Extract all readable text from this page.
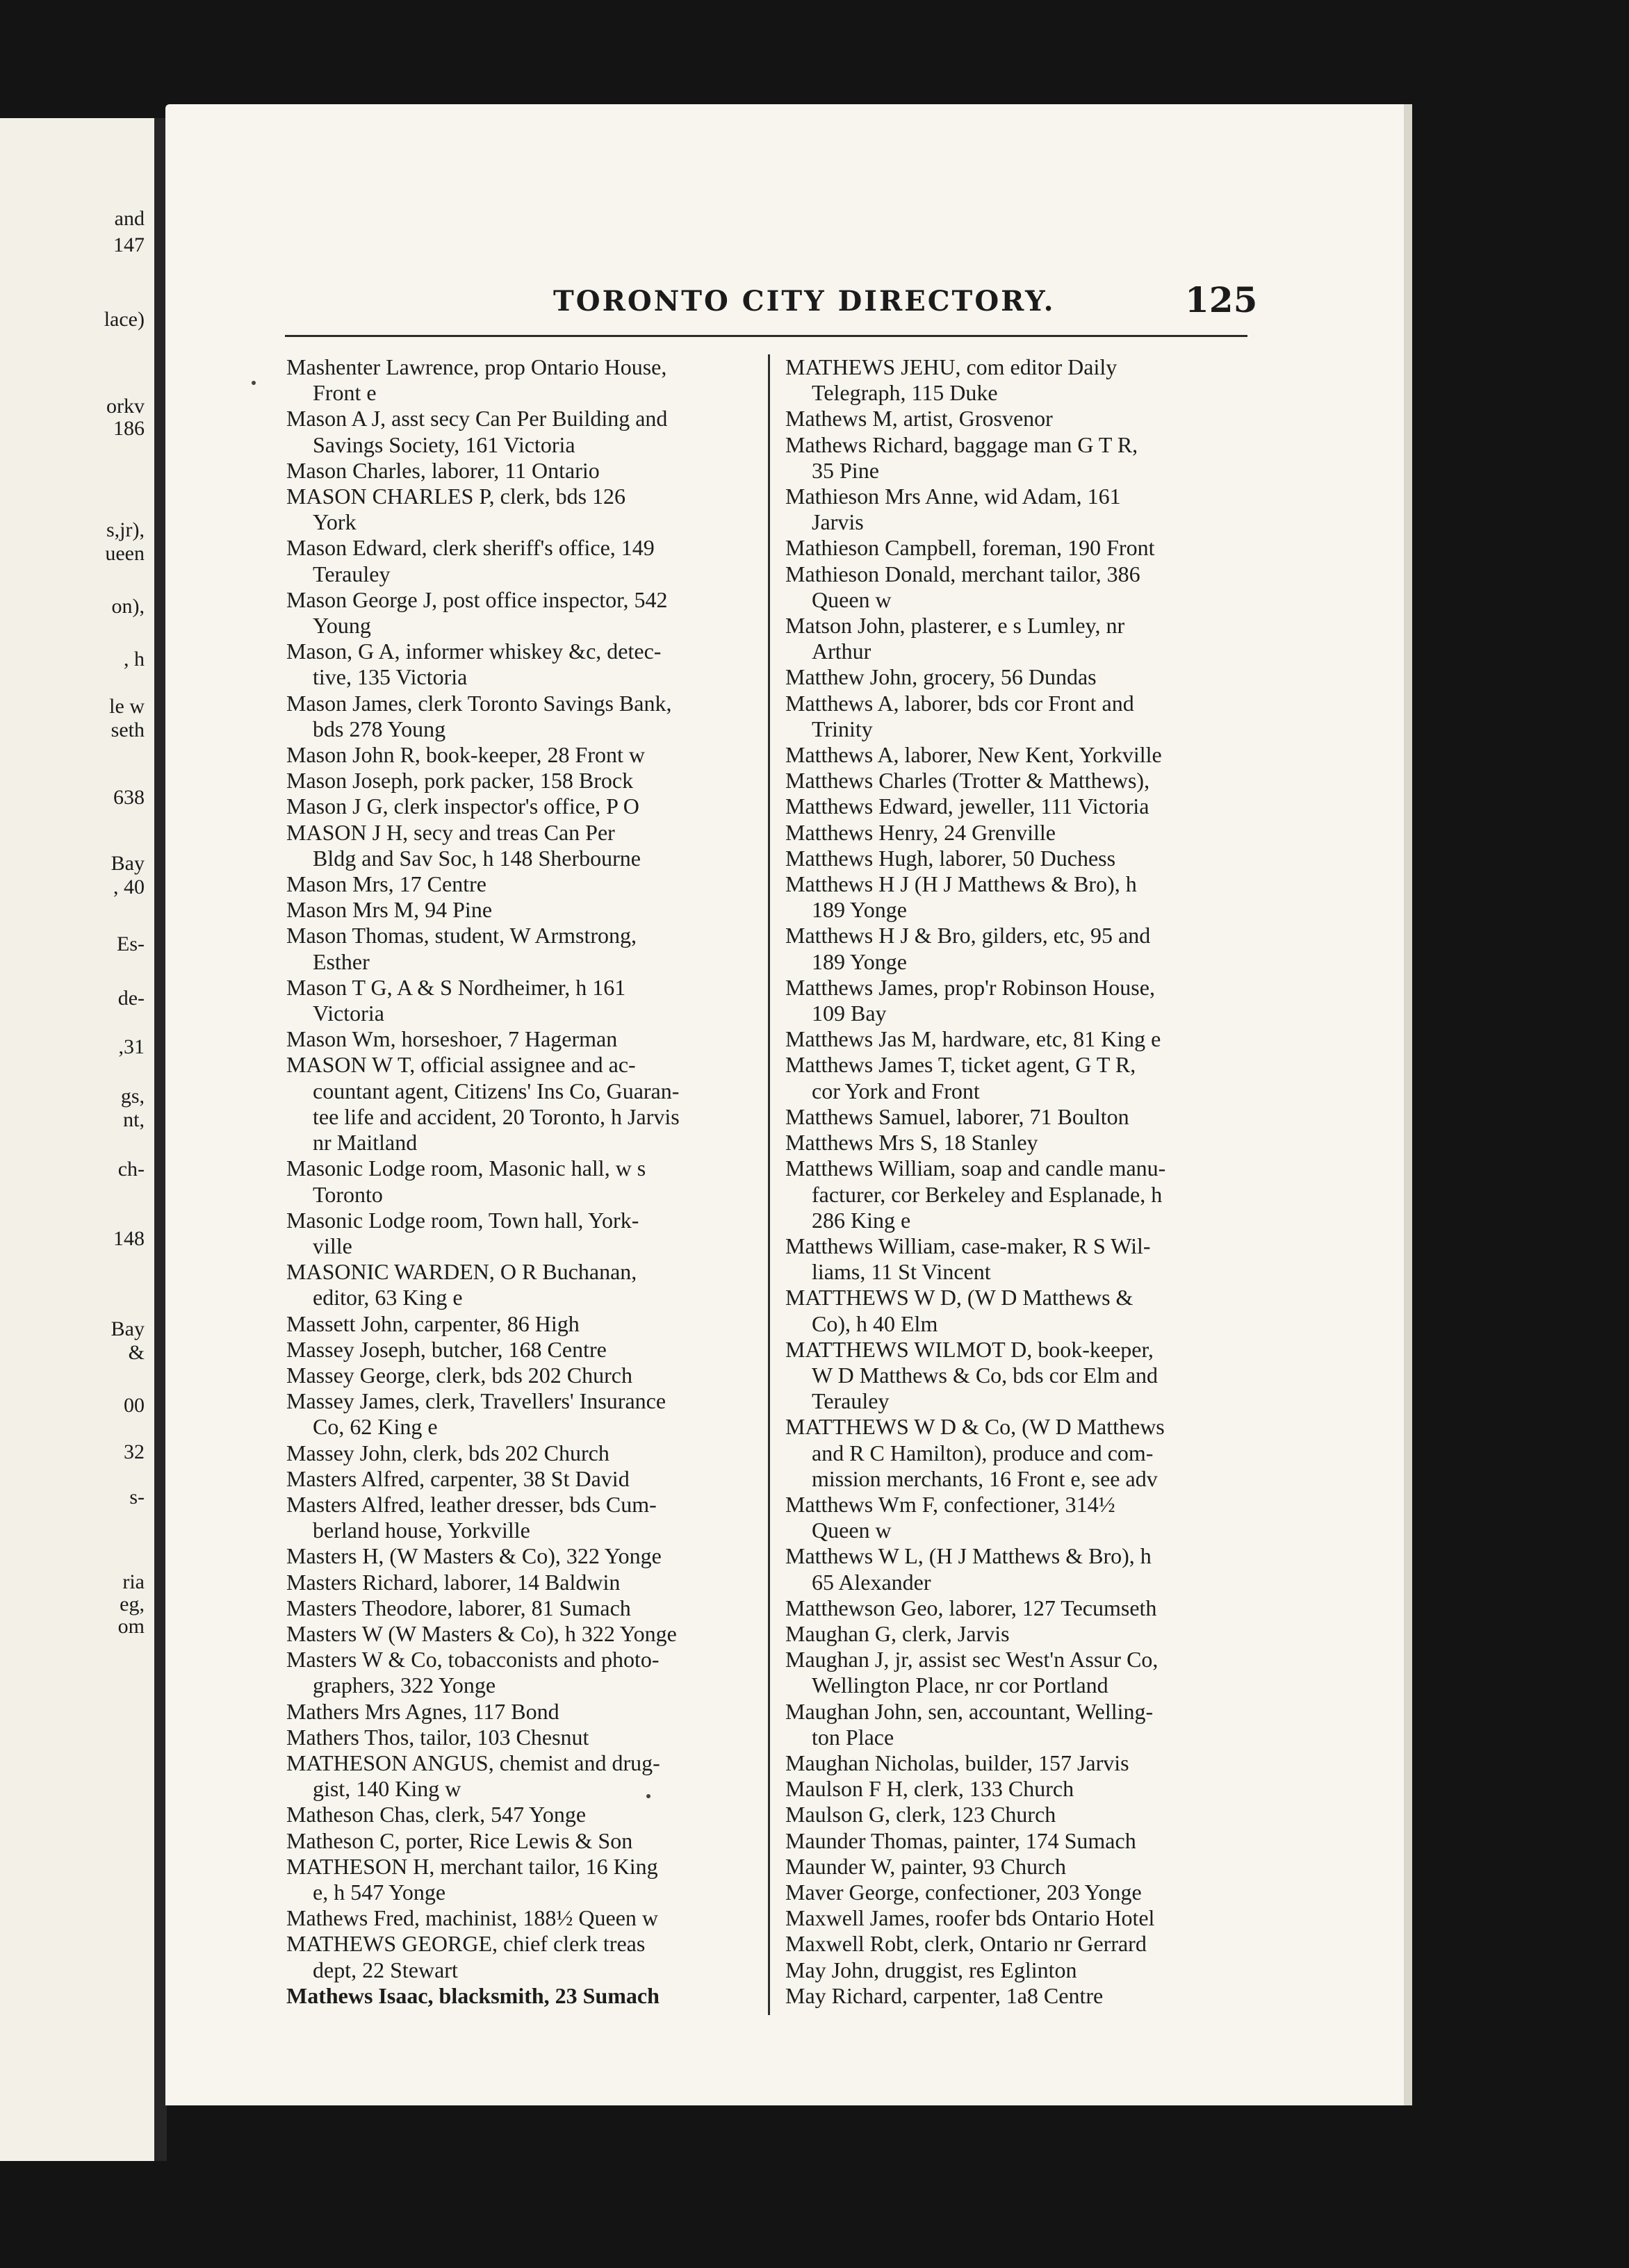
and
147
lace)
orkv
186
s,jr),
ueen
on),
, h
le w
seth
638
Bay
, 40
Es-
de-
,31
gs,
nt,
ch-
148
Bay
&
00
32
s-
ria
eg,
om
TORONTO CITY DIRECTORY.	125
Mashenter Lawrence, prop Ontario House,
Front e
Mason A J, asst secy Can Per Building and
Savings Society, 161 Victoria
Mason Charles, laborer, 11 Ontario
MASON CHARLES P, clerk, bds 126
York
Mason Edward, clerk sheriff's office, 149
Terauley
Mason George J, post office inspector, 542
Young
Mason, G A, informer whiskey &c, detec-
tive, 135 Victoria
Mason James, clerk Toronto Savings Bank,
bds 278 Young
Mason John R, book-keeper, 28 Front w
Mason Joseph, pork packer, 158 Brock
Mason J G, clerk inspector's office, P O
MASON J H, secy and treas Can Per
Bldg and Sav Soc, h 148 Sherbourne
Mason Mrs, 17 Centre
Mason Mrs M, 94 Pine
Mason Thomas, student, W Armstrong,
Esther
Mason T G, A & S Nordheimer, h 161
Victoria
Mason Wm, horseshoer, 7 Hagerman
MASON W T, official assignee and ac-
countant agent, Citizens' Ins Co, Guaran-
tee life and accident, 20 Toronto, h Jarvis
nr Maitland
Masonic Lodge room, Masonic hall, w s
Toronto
Masonic Lodge room, Town hall, York-
ville
MASONIC WARDEN, O R Buchanan,
editor, 63 King e
Massett John, carpenter, 86 High
Massey Joseph, butcher, 168 Centre
Massey George, clerk, bds 202 Church
Massey James, clerk, Travellers' Insurance
Co, 62 King e
Massey John, clerk, bds 202 Church
Masters Alfred, carpenter, 38 St David
Masters Alfred, leather dresser, bds Cum-
berland house, Yorkville
Masters H, (W Masters & Co), 322 Yonge
Masters Richard, laborer, 14 Baldwin
Masters Theodore, laborer, 81 Sumach
Masters W (W Masters & Co), h 322 Yonge
Masters W & Co, tobacconists and photo-
graphers, 322 Yonge
Mathers Mrs Agnes, 117 Bond
Mathers Thos, tailor, 103 Chesnut
MATHESON ANGUS, chemist and drug-
gist, 140 King w
Matheson Chas, clerk, 547 Yonge
Matheson C, porter, Rice Lewis & Son
MATHESON H, merchant tailor, 16 King
e, h 547 Yonge
Mathews Fred, machinist, 188½ Queen w
MATHEWS GEORGE, chief clerk treas
dept, 22 Stewart
Mathews Isaac, blacksmith, 23 Sumach
MATHEWS JEHU, com editor Daily
Telegraph, 115 Duke
Mathews M, artist, Grosvenor
Mathews Richard, baggage man G T R,
35 Pine
Mathieson Mrs Anne, wid Adam, 161
Jarvis
Mathieson Campbell, foreman, 190 Front
Mathieson Donald, merchant tailor, 386
Queen w
Matson John, plasterer, e s Lumley, nr
Arthur
Matthew John, grocery, 56 Dundas
Matthews A, laborer, bds cor Front and
Trinity
Matthews A, laborer, New Kent, Yorkville
Matthews Charles (Trotter & Matthews),
Matthews Edward, jeweller, 111 Victoria
Matthews Henry, 24 Grenville
Matthews Hugh, laborer, 50 Duchess
Matthews H J (H J Matthews & Bro), h
189 Yonge
Matthews H J & Bro, gilders, etc, 95 and
189 Yonge
Matthews James, prop'r Robinson House,
109 Bay
Matthews Jas M, hardware, etc, 81 King e
Matthews James T, ticket agent, G T R,
cor York and Front
Matthews Samuel, laborer, 71 Boulton
Matthews Mrs S, 18 Stanley
Matthews William, soap and candle manu-
facturer, cor Berkeley and Esplanade, h
286 King e
Matthews William, case-maker, R S Wil-
liams, 11 St Vincent
MATTHEWS W D, (W D Matthews &
Co), h 40 Elm
MATTHEWS WILMOT D, book-keeper,
W D Matthews & Co, bds cor Elm and
Terauley
MATTHEWS W D & Co, (W D Matthews
and R C Hamilton), produce and com-
mission merchants, 16 Front e, see adv
Matthews Wm F, confectioner, 314½
Queen w
Matthews W L, (H J Matthews & Bro), h
65 Alexander
Matthewson Geo, laborer, 127 Tecumseth
Maughan G, clerk, Jarvis
Maughan J, jr, assist sec West'n Assur Co,
Wellington Place, nr cor Portland
Maughan John, sen, accountant, Welling-
ton Place
Maughan Nicholas, builder, 157 Jarvis
Maulson F H, clerk, 133 Church
Maulson G, clerk, 123 Church
Maunder Thomas, painter, 174 Sumach
Maunder W, painter, 93 Church
Maver George, confectioner, 203 Yonge
Maxwell James, roofer bds Ontario Hotel
Maxwell Robt, clerk, Ontario nr Gerrard
May John, druggist, res Eglinton
May Richard, carpenter, 1a8 Centre
